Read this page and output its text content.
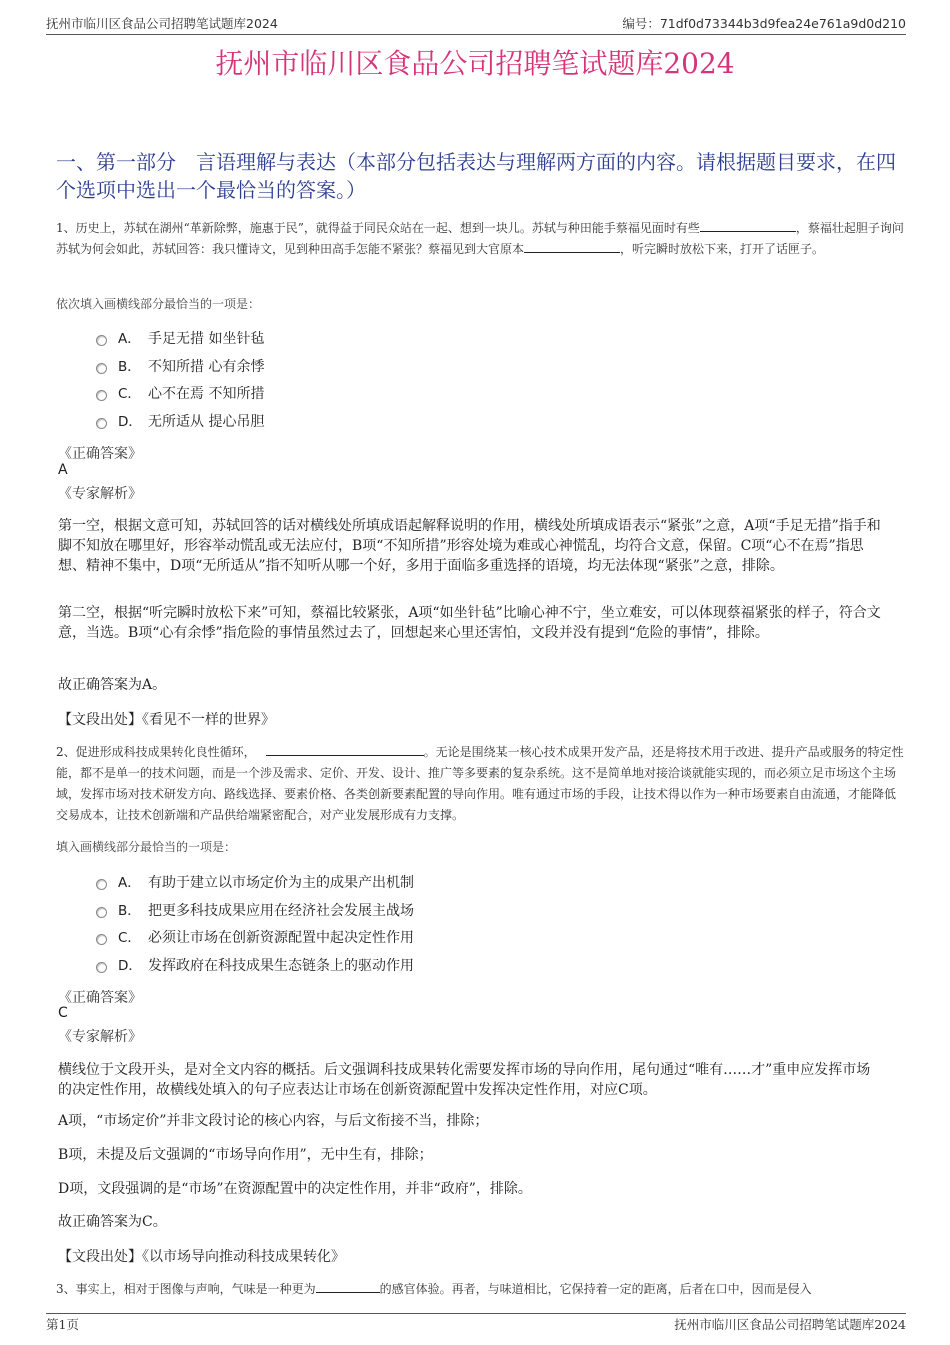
抚州市临川区食品公司招聘笔试题库2024	编号：71df0d73344b3d9fea24e761a9d0d210
抚州市临川区食品公司招聘笔试题库2024
一、第一部分　言语理解与表达（本部分包括表达与理解两方面的内容。请根据题目要求，在四个选项中选出一个最恰当的答案。）
1、历史上，苏轼在湖州“革新除弊，施惠于民”，就得益于同民众站在一起、想到一块儿。苏轼与种田能手蔡福见面时有些	，蔡福壮起胆子询问苏轼为何会如此，苏轼回答：我只懂诗文，见到种田高手怎能不紧张？蔡福见到大官原本	，听完瞬时放松下来，打开了话匣子。
依次填入画横线部分最恰当的一项是：
A． 手足无措 如坐针毡
B． 不知所措 心有余悸
C． 心不在焉 不知所措
D． 无所适从 提心吊胆
《正确答案》
A
《专家解析》
第一空，根据文意可知，苏轼回答的话对横线处所填成语起解释说明的作用，横线处所填成语表示“紧张”之意，A项“手足无措”指手和脚不知放在哪里好，形容举动慌乱或无法应付，B项“不知所措”形容处境为难或心神慌乱，均符合文意，保留。C项“心不在焉”指思想、精神不集中，D项“无所适从”指不知听从哪一个好，多用于面临多重选择的语境，均无法体现“紧张”之意，排除。
第二空，根据“听完瞬时放松下来”可知，蔡福比较紧张，A项“如坐针毡”比喻心神不宁，坐立难安，可以体现蔡福紧张的样子，符合文意，当选。B项“心有余悸”指危险的事情虽然过去了，回想起来心里还害怕，文段并没有提到“危险的事情”，排除。
故正确答案为A。
【文段出处】《看见不一样的世界》
2、促进形成科技成果转化良性循环，	。无论是围绕某一核心技术成果开发产品，还是将技术用于改进、提升产品或服务的特定性能，都不是单一的技术问题，而是一个涉及需求、定价、开发、设计、推广等多要素的复杂系统。这不是简单地对接洽谈就能实现的，而必须立足市场这个主场域，发挥市场对技术研发方向、路线选择、要素价格、各类创新要素配置的导向作用。唯有通过市场的手段，让技术得以作为一种市场要素自由流通，才能降低交易成本，让技术创新端和产品供给端紧密配合，对产业发展形成有力支撑。
填入画横线部分最恰当的一项是：
A． 有助于建立以市场定价为主的成果产出机制
B． 把更多科技成果应用在经济社会发展主战场
C． 必须让市场在创新资源配置中起决定性作用
D． 发挥政府在科技成果生态链条上的驱动作用
《正确答案》
C
《专家解析》
横线位于文段开头，是对全文内容的概括。后文强调科技成果转化需要发挥市场的导向作用，尾句通过“唯有……才”重申应发挥市场的决定性作用，故横线处填入的句子应表达让市场在创新资源配置中发挥决定性作用，对应C项。
A项，“市场定价”并非文段讨论的核心内容，与后文衔接不当，排除；
B项，未提及后文强调的“市场导向作用”，无中生有，排除；
D项，文段强调的是“市场”在资源配置中的决定性作用，并非“政府”，排除。
故正确答案为C。
【文段出处】《以市场导向推动科技成果转化》
3、事实上，相对于图像与声响，气味是一种更为	的感官体验。再者，与味道相比，它保持着一定的距离，后者在口中，因而是侵入
第1页	抚州市临川区食品公司招聘笔试题库2024
